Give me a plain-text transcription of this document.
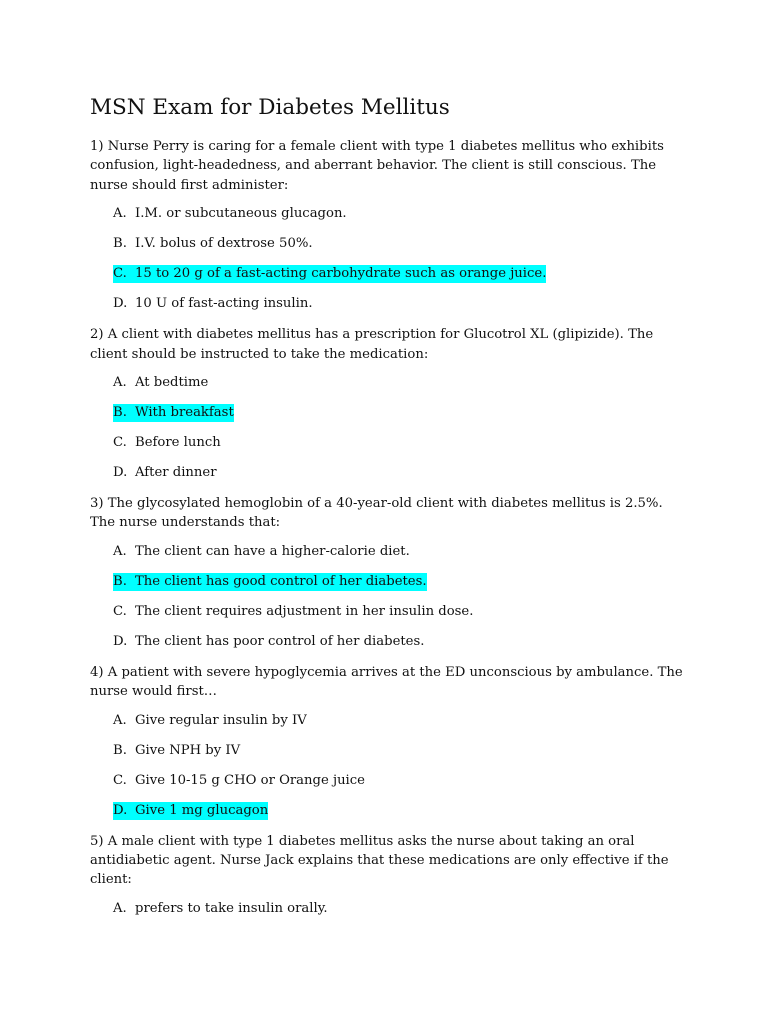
MSN Exam for Diabetes Mellitus

1) Nurse Perry is caring for a female client with type 1 diabetes mellitus who exhibits confusion, light-headedness, and aberrant behavior. The client is still conscious. The nurse should first administer:

A. I.M. or subcutaneous glucagon.
B. I.V. bolus of dextrose 50%.
C. 15 to 20 g of a fast-acting carbohydrate such as orange juice.
D. 10 U of fast-acting insulin.

2) A client with diabetes mellitus has a prescription for Glucotrol XL (glipizide). The client should be instructed to take the medication:

A. At bedtime
B. With breakfast
C. Before lunch
D. After dinner

3) The glycosylated hemoglobin of a 40-year-old client with diabetes mellitus is 2.5%. The nurse understands that:

A. The client can have a higher-calorie diet.
B. The client has good control of her diabetes.
C. The client requires adjustment in her insulin dose.
D. The client has poor control of her diabetes.

4) A patient with severe hypoglycemia arrives at the ED unconscious by ambulance. The nurse would first…

A. Give regular insulin by IV
B. Give NPH by IV
C. Give 10-15 g CHO or Orange juice
D. Give 1 mg glucagon

5) A male client with type 1 diabetes mellitus asks the nurse about taking an oral antidiabetic agent. Nurse Jack explains that these medications are only effective if the client:

A. prefers to take insulin orally.
